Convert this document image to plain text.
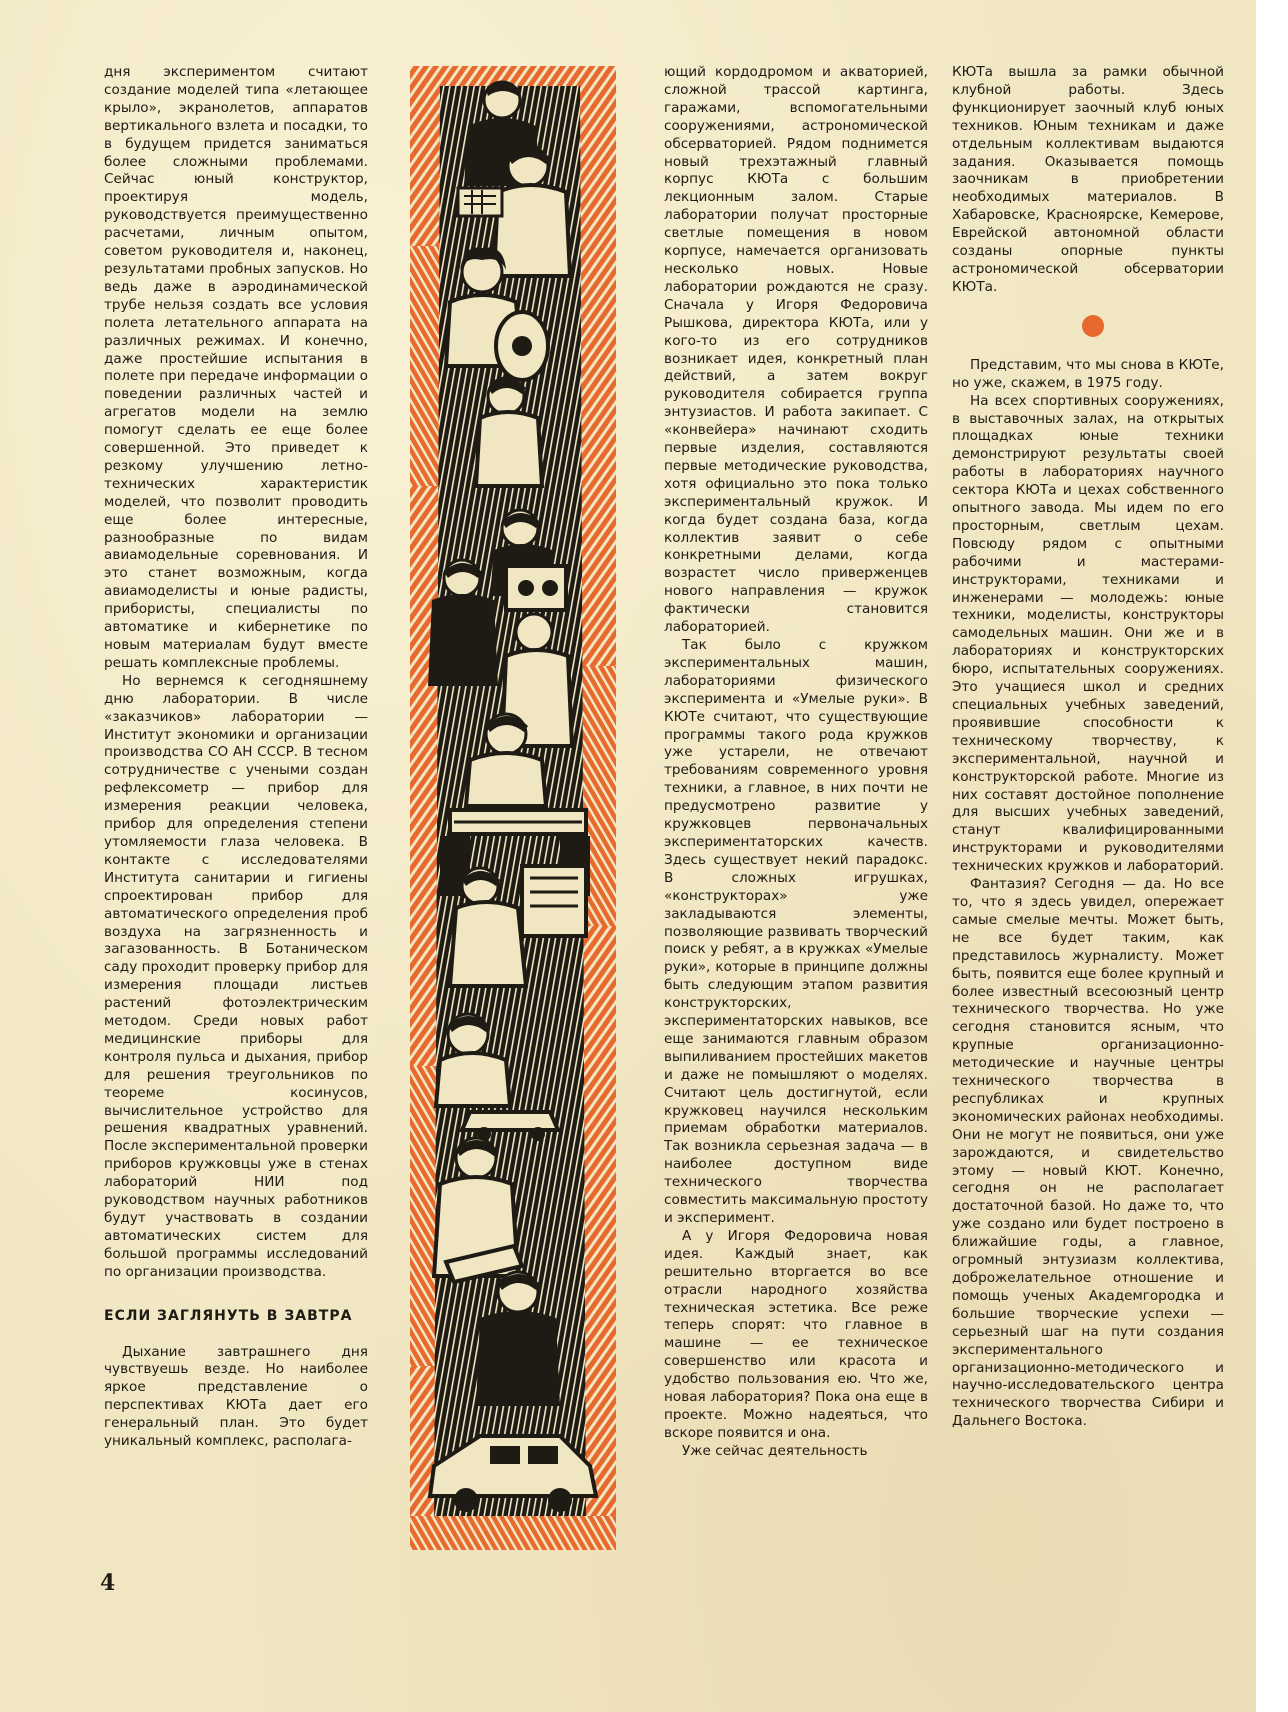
дня экспериментом считают создание моделей типа «летающее крыло», экранолетов, аппаратов вертикального взлета и посадки, то в будущем придется заниматься более сложными проблемами. Сейчас юный конструктор, проектируя модель, руководствуется преимущественно расчетами, личным опытом, советом руководителя и, наконец, результатами пробных запусков. Но ведь даже в аэродинамической трубе нельзя создать все условия полета летательного аппарата на различных режимах. И конечно, даже простейшие испытания в полете при передаче информации о поведении различных частей и агрегатов модели на землю помогут сделать ее еще более совершенной. Это приведет к резкому улучшению летно-технических характеристик моделей, что позволит проводить еще более интересные, разнообразные по видам авиамодельные соревнования. И это станет возможным, когда авиамоделисты и юные радисты, прибористы, специалисты по автоматике и кибернетике по новым материалам будут вместе решать комплексные проблемы.

Но вернемся к сегодняшнему дню лаборатории. В числе «заказчиков» лаборатории — Институт экономики и организации производства СО АН СССР. В тесном сотрудничестве с учеными создан рефлексометр — прибор для измерения реакции человека, прибор для определения степени утомляемости глаза человека. В контакте с исследователями Института санитарии и гигиены спроектирован прибор для автоматического определения проб воздуха на загрязненность и загазованность. В Ботаническом саду проходит проверку прибор для измерения площади листьев растений фотоэлектрическим методом. Среди новых работ медицинские приборы для контроля пульса и дыхания, прибор для решения треугольников по теореме косинусов, вычислительное устройство для решения квадратных уравнений. После экспериментальной проверки приборов кружковцы уже в стенах лабораторий НИИ под руководством научных работников будут участвовать в создании автоматических систем для большой программы исследований по организации производства.

ЕСЛИ ЗАГЛЯНУТЬ В ЗАВТРА

Дыхание завтрашнего дня чувствуешь везде. Но наиболее яркое представление о перспективах КЮТа дает его генеральный план. Это будет уникальный комплекс, располага-

ющий кордодромом и акваторией, сложной трассой картинга, гаражами, вспомогательными сооружениями, астрономической обсерваторией. Рядом поднимется новый трехэтажный главный корпус КЮТа с большим лекционным залом. Старые лаборатории получат просторные светлые помещения в новом корпусе, намечается организовать несколько новых. Новые лаборатории рождаются не сразу. Сначала у Игоря Федоровича Рышкова, директора КЮТа, или у кого-то из его сотрудников возникает идея, конкретный план действий, а затем вокруг руководителя собирается группа энтузиастов. И работа закипает. С «конвейера» начинают сходить первые изделия, составляются первые методические руководства, хотя официально это пока только экспериментальный кружок. И когда будет создана база, когда коллектив заявит о себе конкретными делами, когда возрастет число приверженцев нового направления — кружок фактически становится лабораторией.

Так было с кружком экспериментальных машин, лабораториями физического эксперимента и «Умелые руки». В КЮТе считают, что существующие программы такого рода кружков уже устарели, не отвечают требованиям современного уровня техники, а главное, в них почти не предусмотрено развитие у кружковцев первоначальных экспериментаторских качеств. Здесь существует некий парадокс. В сложных игрушках, «конструкторах» уже закладываются элементы, позволяющие развивать творческий поиск у ребят, а в кружках «Умелые руки», которые в принципе должны быть следующим этапом развития конструкторских, экспериментаторских навыков, все еще занимаются главным образом выпиливанием простейших макетов и даже не помышляют о моделях. Считают цель достигнутой, если кружковец научился нескольким приемам обработки материалов. Так возникла серьезная задача — в наиболее доступном виде технического творчества совместить максимальную простоту и эксперимент.

А у Игоря Федоровича новая идея. Каждый знает, как решительно вторгается во все отрасли народного хозяйства техническая эстетика. Все реже теперь спорят: что главное в машине — ее техническое совершенство или красота и удобство пользования ею. Что же, новая лаборатория? Пока она еще в проекте. Можно надеяться, что вскоре появится и она.

Уже сейчас деятельность

КЮТа вышла за рамки обычной клубной работы. Здесь функционирует заочный клуб юных техников. Юным техникам и даже отдельным коллективам выдаются задания. Оказывается помощь заочникам в приобретении необходимых материалов. В Хабаровске, Красноярске, Кемерове, Еврейской автономной области созданы опорные пункты астрономической обсерватории КЮТа.

Представим, что мы снова в КЮТе, но уже, скажем, в 1975 году.

На всех спортивных сооружениях, в выставочных залах, на открытых площадках юные техники демонстрируют результаты своей работы в лабораториях научного сектора КЮТа и цехах собственного опытного завода. Мы идем по его просторным, светлым цехам. Повсюду рядом с опытными рабочими и мастерами-инструкторами, техниками и инженерами — молодежь: юные техники, моделисты, конструкторы самодельных машин. Они же и в лабораториях и конструкторских бюро, испытательных сооружениях. Это учащиеся школ и средних специальных учебных заведений, проявившие способности к техническому творчеству, к экспериментальной, научной и конструкторской работе. Многие из них составят достойное пополнение для высших учебных заведений, станут квалифицированными инструкторами и руководителями технических кружков и лабораторий.

Фантазия? Сегодня — да. Но все то, что я здесь увидел, опережает самые смелые мечты. Может быть, не все будет таким, как представилось журналисту. Может быть, появится еще более крупный и более известный всесоюзный центр технического творчества. Но уже сегодня становится ясным, что крупные организационно-методические и научные центры технического творчества в республиках и крупных экономических районах необходимы. Они не могут не появиться, они уже зарождаются, и свидетельство этому — новый КЮТ. Конечно, сегодня он не располагает достаточной базой. Но даже то, что уже создано или будет построено в ближайшие годы, а главное, огромный энтузиазм коллектива, доброжелательное отношение и помощь ученых Академгородка и большие творческие успехи — серьезный шаг на пути создания экспериментального организационно-методического и научно-исследовательского центра технического творчества Сибири и Дальнего Востока.

4
